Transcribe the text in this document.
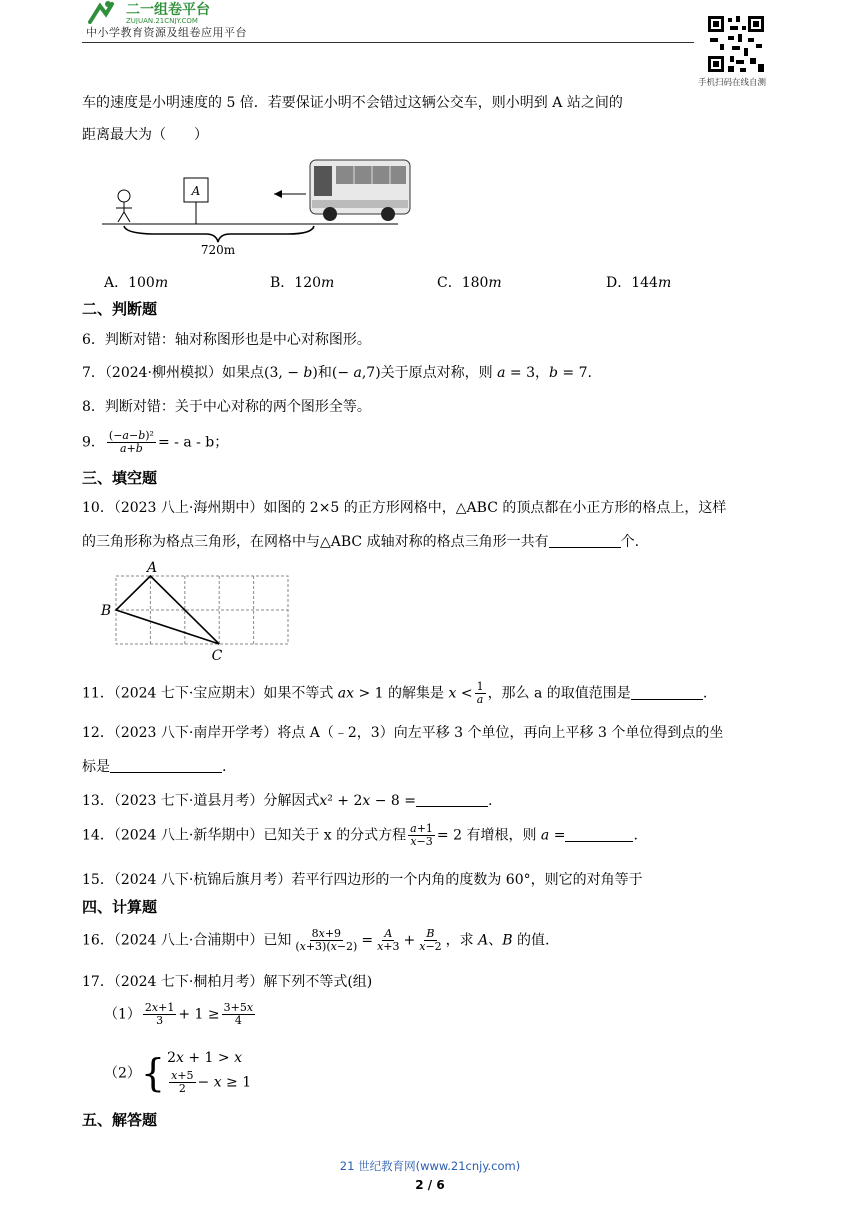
二一组卷平台
ZUJUAN.21CNJY.COM
中小学教育资源及组卷应用平台
手机扫码在线自测
车的速度是小明速度的 5 倍．若要保证小明不会错过这辆公交车，则小明到 A 站之间的
距离最大为（　　）
A
720m
A．100𝑚	B．120𝑚	C．180𝑚	D．144𝑚
二、判断题
6．判断对错：轴对称图形也是中心对称图形。
7．（2024·柳州模拟）如果点(3, − 𝑏)和(− 𝑎,7)关于原点对称，则 𝑎 = 3，𝑏 = 7.
8．判断对错：关于中心对称的两个图形全等。
9． $\frac{\text{(−𝑎−𝑏)²}}{\text{𝑎+𝑏}}$ = - a - b；
三、填空题
10．（2023 八上·海州期中）如图的 2×5 的正方形网格中，△ABC 的顶点都在小正方形的格点上，这样
的三角形称为格点三角形，在网格中与△ABC 成轴对称的格点三角形一共有	个.
A
B
C
11．（2024 七下·宝应期末）如果不等式 𝑎𝑥 > 1 的解集是 𝑥 < $\frac{1}{\text{𝑎}}$ ，那么 a 的取值范围是	.
12．（2023 八下·南岸开学考）将点 A（﹣2，3）向左平移 3 个单位，再向上平移 3 个单位得到点的坐
标是	.
13．（2023 七下·道县月考）分解因式𝑥² + 2𝑥 − 8 =	.
14．（2024 八上·新华期中）已知关于 x 的分式方程 $\frac{\text{𝑎+1}}{\text{𝑥−3}} = 2$ 有增根，则 𝑎 =	.
15．（2024 八下·杭锦后旗月考）若平行四边形的一个内角的度数为 60°，则它的对角等于
四、计算题
16．（2024 八上·合浦期中）已知 $\frac{\text{8𝑥+9}}{\text{(𝑥+3)(𝑥−2)}} = \frac{\text{𝐴}}{\text{𝑥+3}} + \frac{\text{𝐵}}{\text{𝑥−2}}$ ，求 𝐴、𝐵 的值.
17．（2024 七下·桐柏月考）解下列不等式(组)
$(1) \frac{\text{2𝑥+1}}{3} + 1 \ge \frac{\text{3+5𝑥}}{4}$
（2） { 2𝑥 + 1 > 𝑥
$\frac{\text{𝑥+5}}{2}$ − 𝑥 ≥ 1
五、解答题
21 世纪教育网(www.21cnjy.com)
2 / 6
